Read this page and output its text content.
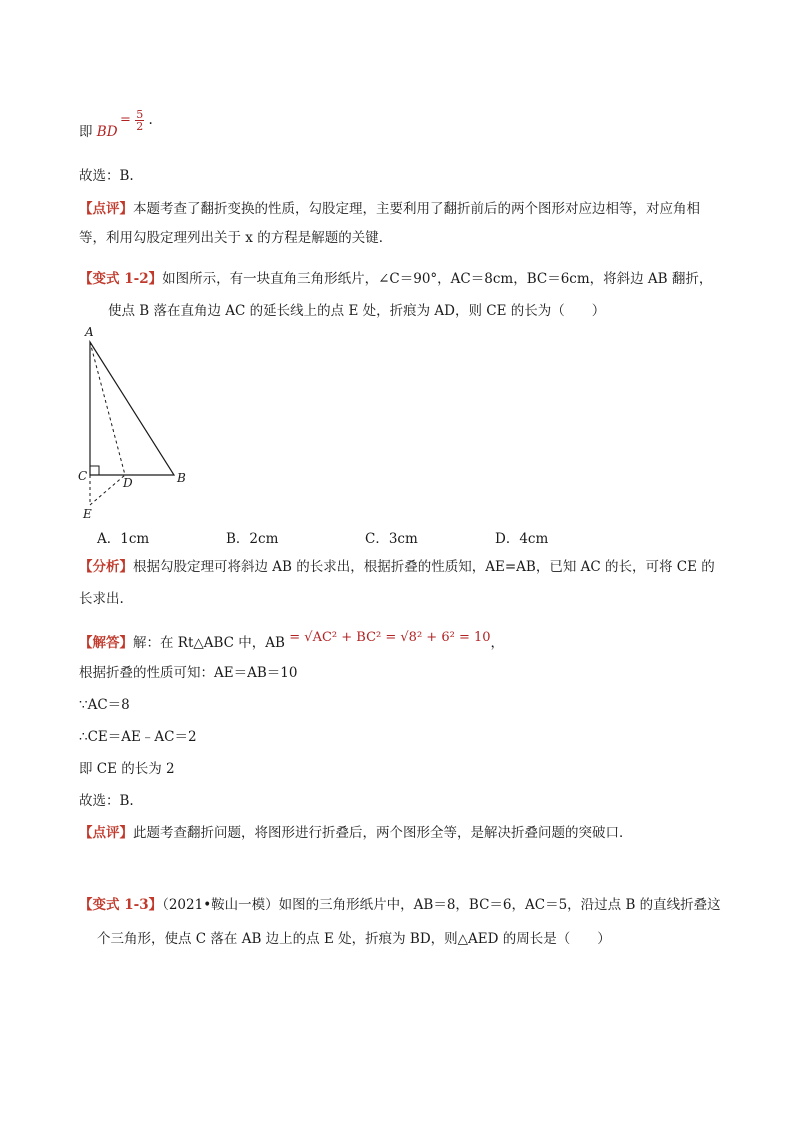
即 BD
= $\frac{5}{2}$ .
故选：B.
【点评】本题考查了翻折变换的性质，勾股定理，主要利用了翻折前后的两个图形对应边相等，对应角相
等，利用勾股定理列出关于 x 的方程是解题的关键．
【变式 1-2】如图所示，有一块直角三角形纸片，∠C＝90°，AC＝8cm，BC＝6cm，将斜边 AB 翻折，
使点 B 落在直角边 AC 的延长线上的点 E 处，折痕为 AD，则 CE 的长为（　　）
A
B
C	D
E
A．1cm	B．2cm	C．3cm	D．4cm
【分析】根据勾股定理可将斜边 AB 的长求出，根据折叠的性质知，AE=AB，已知 AC 的长，可将 CE 的
长求出.
【解答】解：在 Rt△ABC 中，AB = √AC² + BC² = √8² + 6² = 10，
根据折叠的性质可知：AE＝AB＝10
∵AC＝8
∴CE＝AE﹣AC＝2
即 CE 的长为 2
故选：B.
【点评】此题考查翻折问题，将图形进行折叠后，两个图形全等，是解决折叠问题的突破口．
【变式 1-3】（2021•鞍山一模）如图的三角形纸片中，AB＝8，BC＝6，AC＝5，沿过点 B 的直线折叠这
个三角形，使点 C 落在 AB 边上的点 E 处，折痕为 BD，则△AED 的周长是（　　）
